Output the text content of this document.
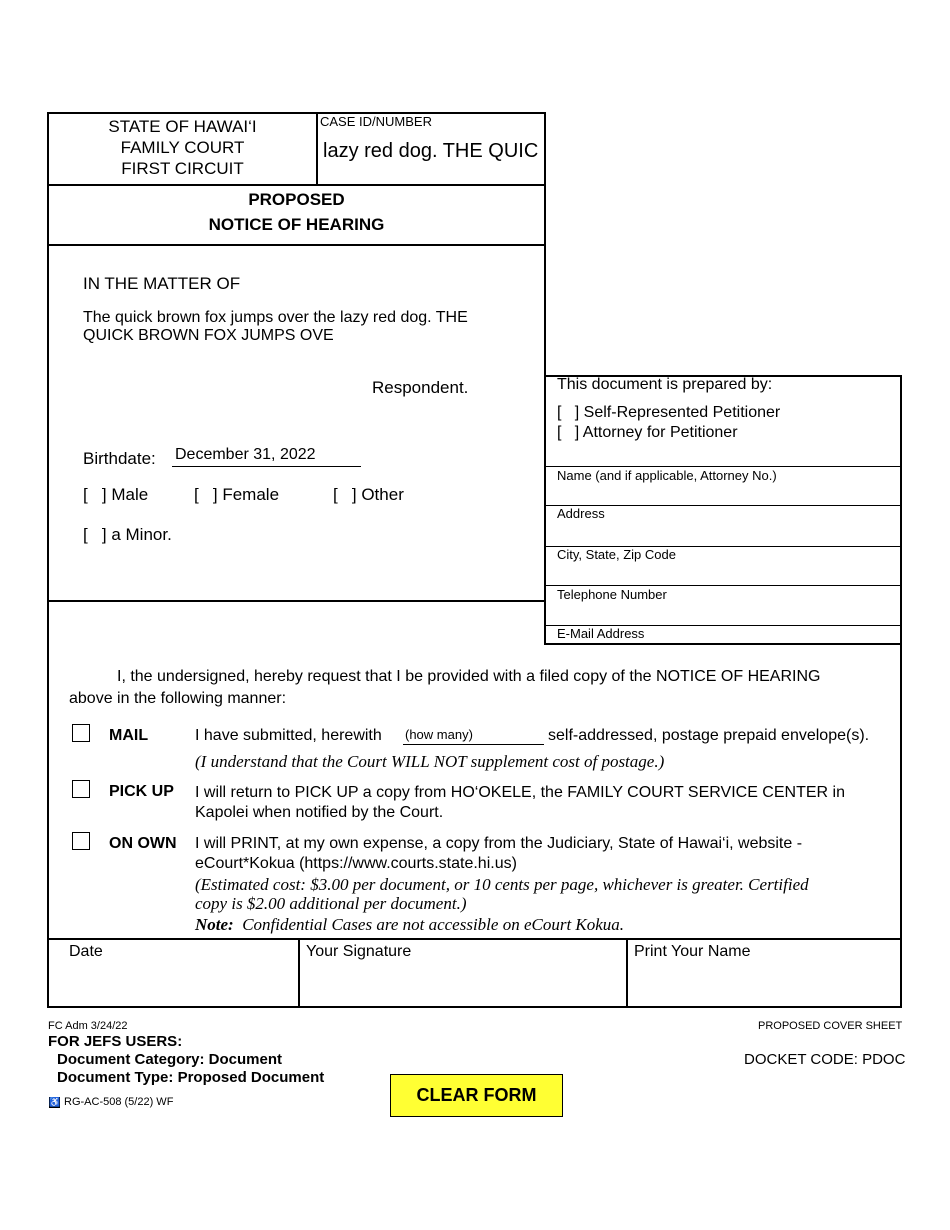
STATE OF HAWAI‘I
FAMILY COURT
FIRST CIRCUIT
CASE ID/NUMBER
lazy red dog. THE QUIC
PROPOSED
NOTICE OF HEARING
IN THE MATTER OF
The quick brown fox jumps over the lazy red dog. THE
QUICK BROWN FOX JUMPS OVE
Respondent.
Birthdate: December 31, 2022
[   ] Male	[   ] Female	[   ] Other
[   ] a Minor.
This document is prepared by:
[   ] Self-Represented Petitioner
[   ] Attorney for Petitioner
Name (and if applicable, Attorney No.)
Address
City, State, Zip Code
Telephone Number
E-Mail Address
I, the undersigned, hereby request that I be provided with a filed copy of the NOTICE OF HEARING
above in the following manner:
MAIL	I have submitted, herewith (how many)	self-addressed, postage prepaid envelope(s).
(I understand that the Court WILL NOT supplement cost of postage.)
PICK UP I will return to PICK UP a copy from HO‘OKELE, the FAMILY COURT SERVICE CENTER in
Kapolei when notified by the Court.
ON OWN I will PRINT, at my own expense, a copy from the Judiciary, State of Hawai‘i, website -
eCourt*Kokua (https://www.courts.state.hi.us)
(Estimated cost: $3.00 per document, or 10 cents per page, whichever is greater. Certified
copy is $2.00 additional per document.)
Note:  Confidential Cases are not accessible on eCourt Kokua.
Date	Your Signature	Print Your Name
FC Adm 3/24/22
FOR JEFS USERS:
Document Category: Document
Document Type: Proposed Document
♿ RG-AC-508 (5/22) WF
PROPOSED COVER SHEET
DOCKET CODE: PDOC
CLEAR FORM
